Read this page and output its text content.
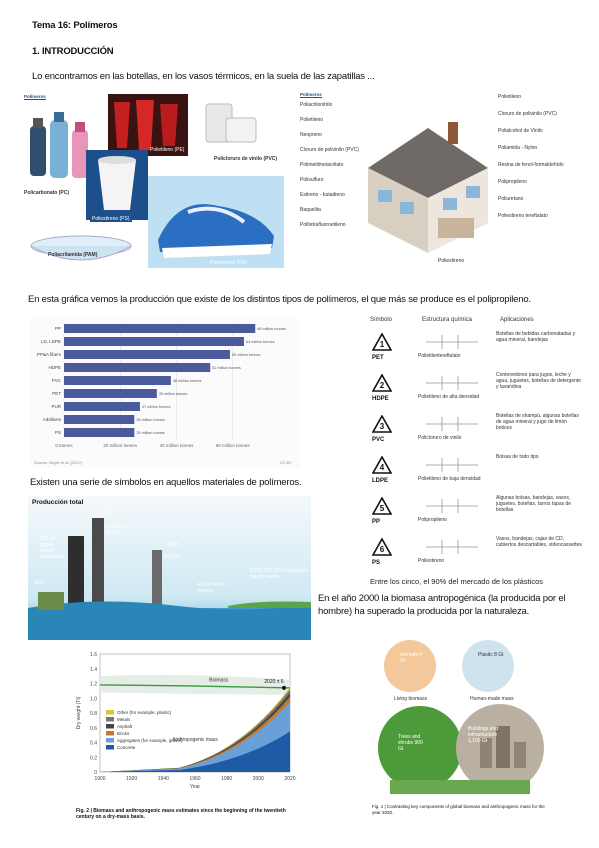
Tema 16: Polímeros
1. INTRODUCCIÓN
Lo encontramos en las botellas, en los vasos térmicos, en la suela de las zapatillas ...
Polímeros
Policarbonato (PC)
Polietileno (PE)
Policloruro de vinilo (PVC)
Poliestireno (PS)
Poliacrilamida (PAM)
Poliuretano (PU)
Polímeros
Poliacrilonitrilo
Polietileno
Neopreno
Cloruro de polivinilo (PVC)
Polimetilmetacrilato
Polisulfuro
Estireno - butadieno
Baquelita
Politetrafluoroetileno
Polietileno
Cloruro de polivinilo (PVC)
Polialcohol de Vinilo
Poliamida - Nylon
Resina de fenol-formaldehído
Polipropileno
Poliuretano
Poliestireno tereftalato
Poliestireno
En esta gráfica vemos la producción que existe de los distintos tipos de polímeros, el que más se produce es el polipropileno.
0 tonnes	20 million tonnes	40 million tonnes	60 million tonnes
PP	68 million tonnes
LD, LDPE	64 million tonnes
PP&A fibers	59 million tonnes
HDPE	52 million tonnes
PVC	38 million tonnes
PET	33 million tonnes
PUR	27 million tonnes
Additives	25 million tonnes
PS	25 million tonnes
Source: Geyer et al. (2017)	CC BY
Símbolo	Estructura química	Aplicaciones
1
PET	Polietilentereftalato
Botellas de bebidas carbonatadas y agua mineral, bandejas
2
HDPE	Polietileno de alta densidad
Contenedores para jugos, leche y agua, juguetes, botellas de detergente y lavandina
3
PVC	Policloruro de vinilo
Botellas de shampú, algunas botellas de agua mineral y jugo de limón botices
4
LDPE	Polietileno de baja densidad
Bolsas de todo tipo
5
PP	Polipropileno
Algunas bolsas, bandejas, vasos, juguetes, botellas, tarros tapas de botellas
6
PS	Poliestireno
Vasos, bandejas, cajas de CD, cubiertos descartables, videocassettes
Entre los cinco, el 90% del mercado de los plásticos
Existen una serie de símbolos en aquellos materiales de polímeros.
Producción total
2015
2015
2017
322 Mt global plastic production
8.3 billion tonnes
275 Mt
4,900 million tonnes
6,300,000,000 t estimated plastic waste
En el año 2000 la biomasa antropogénica (la producida por el hombre) ha superado la producida por la naturaleza.
0
0.2
0.4
0.6
0.8
1.0
1.2
1.4
1.6
1900	1920	1940	1960	1980	2000	2020
Dry weight (Tt)
Year
2020 ± 6
Biomass
Anthropogenic mass
Other (for example, plastic)
Metals
Asphalt
Bricks
Aggregates (for example, gravel)
Concrete
Fig. 2 | Biomass and anthropogenic mass estimates since the beginning of the twentieth century on a dry-mass basis.
Animals 4 Gt
Plastic 8 Gt
Living biomass	Human-made mass
Trees and shrubs 900 Gt
Buildings and infrastructure 1,100 Gt
Fig. 1 | Contrasting key components of global biomass and anthropogenic mass for the year 2020.
